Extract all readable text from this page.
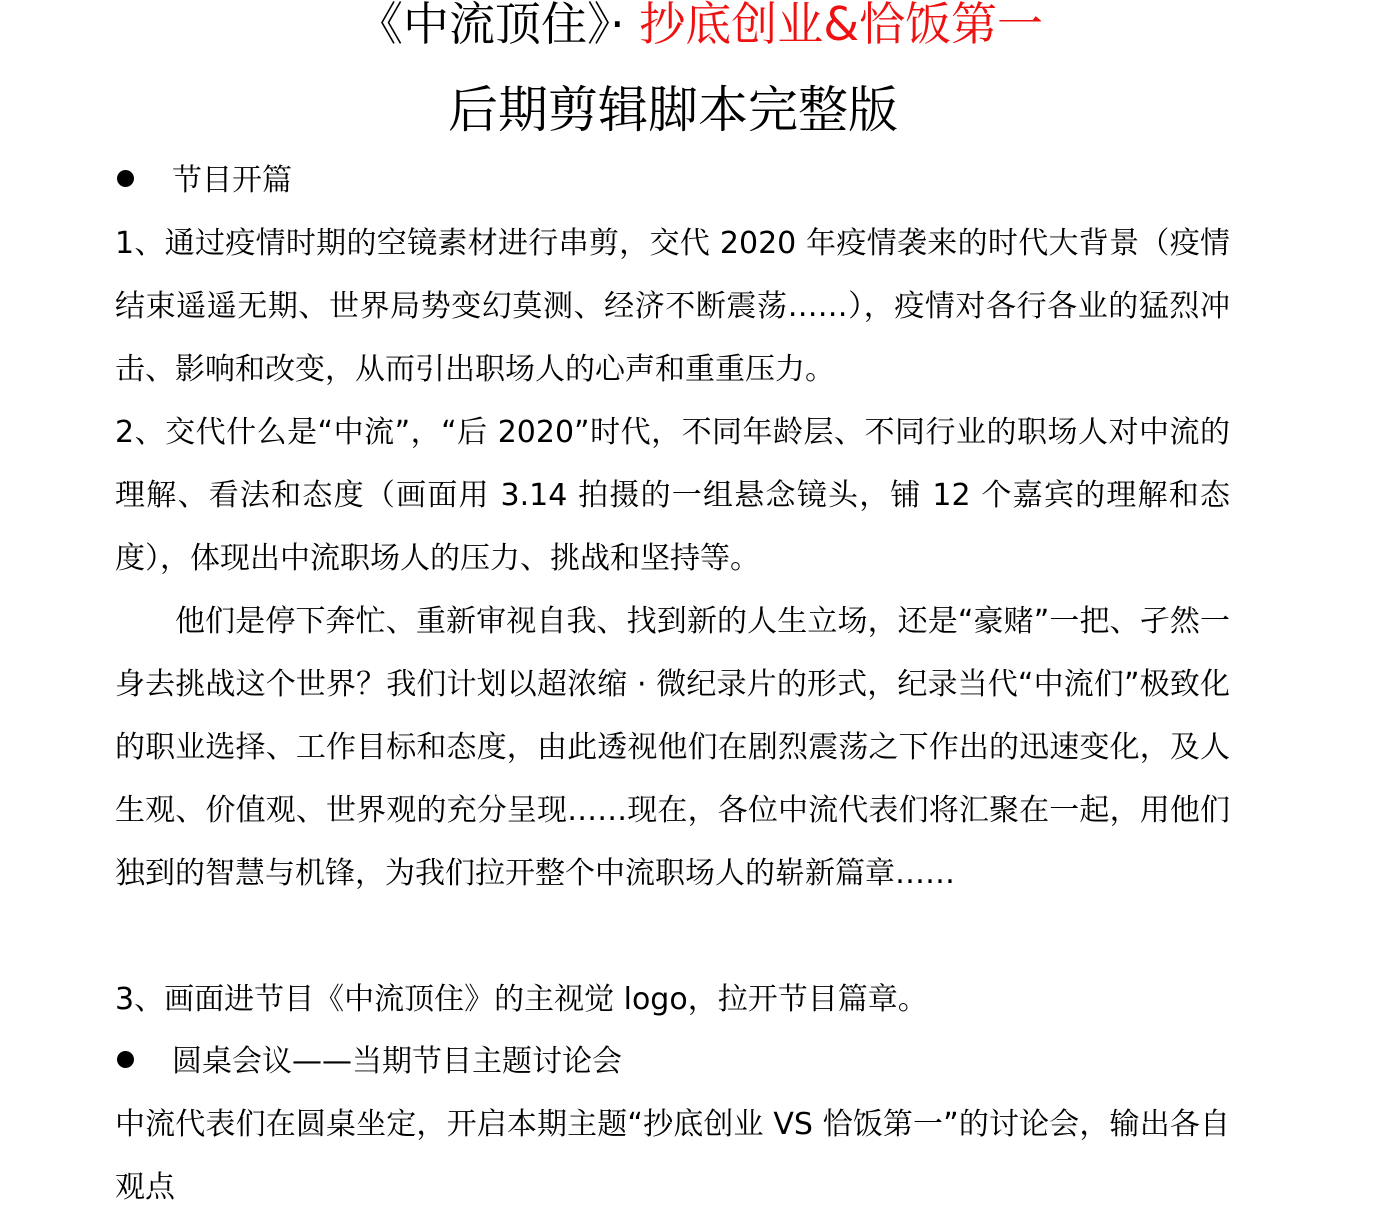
《中流顶住》· 抄底创业&恰饭第一
后期剪辑脚本完整版
节目开篇
1、通过疫情时期的空镜素材进行串剪，交代 2020 年疫情袭来的时代大背景（疫情结束遥遥无期、世界局势变幻莫测、经济不断震荡……），疫情对各行各业的猛烈冲击、影响和改变，从而引出职场人的心声和重重压力。
2、交代什么是“中流”，“后 2020”时代，不同年龄层、不同行业的职场人对中流的理解、看法和态度（画面用 3.14 拍摄的一组悬念镜头，铺 12 个嘉宾的理解和态度），体现出中流职场人的压力、挑战和坚持等。
他们是停下奔忙、重新审视自我、找到新的人生立场，还是“豪赌”一把、孑然一身去挑战这个世界？我们计划以超浓缩 · 微纪录片的形式，纪录当代“中流们”极致化的职业选择、工作目标和态度，由此透视他们在剧烈震荡之下作出的迅速变化，及人生观、价值观、世界观的充分呈现……现在，各位中流代表们将汇聚在一起，用他们独到的智慧与机锋，为我们拉开整个中流职场人的崭新篇章……
3、画面进节目《中流顶住》的主视觉 logo，拉开节目篇章。
圆桌会议——当期节目主题讨论会
中流代表们在圆桌坐定，开启本期主题“抄底创业 VS 恰饭第一”的讨论会，输出各自观点
